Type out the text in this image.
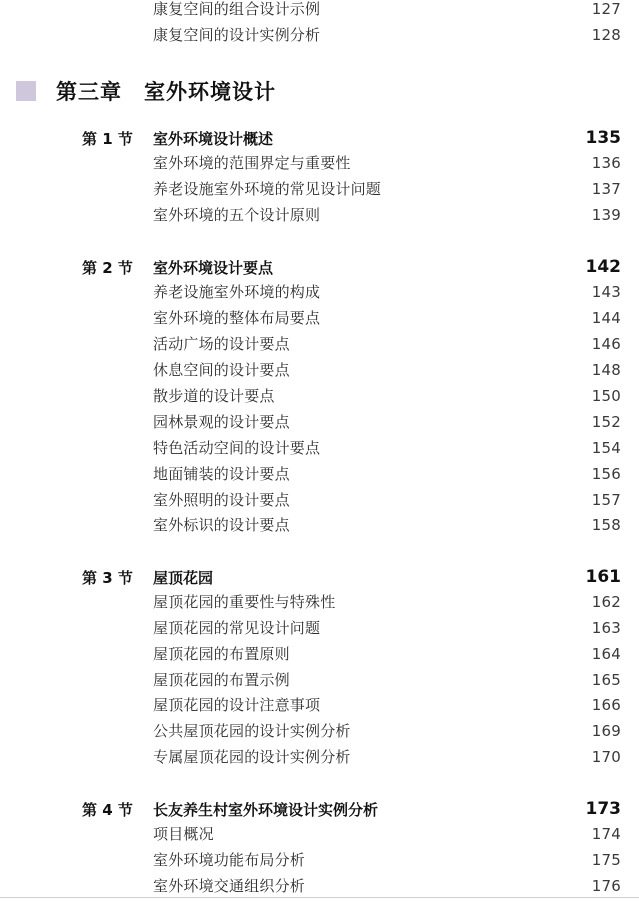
康复空间的组合设计示例	127
康复空间的设计实例分析	128
第三章 室外环境设计
第 1 节	室外环境设计概述	135
室外环境的范围界定与重要性	136
养老设施室外环境的常见设计问题	137
室外环境的五个设计原则	139
第 2 节	室外环境设计要点	142
养老设施室外环境的构成	143
室外环境的整体布局要点	144
活动广场的设计要点	146
休息空间的设计要点	148
散步道的设计要点	150
园林景观的设计要点	152
特色活动空间的设计要点	154
地面铺装的设计要点	156
室外照明的设计要点	157
室外标识的设计要点	158
第 3 节	屋顶花园	161
屋顶花园的重要性与特殊性	162
屋顶花园的常见设计问题	163
屋顶花园的布置原则	164
屋顶花园的布置示例	165
屋顶花园的设计注意事项	166
公共屋顶花园的设计实例分析	169
专属屋顶花园的设计实例分析	170
第 4 节	长友养生村室外环境设计实例分析	173
项目概况	174
室外环境功能布局分析	175
室外环境交通组织分析	176
